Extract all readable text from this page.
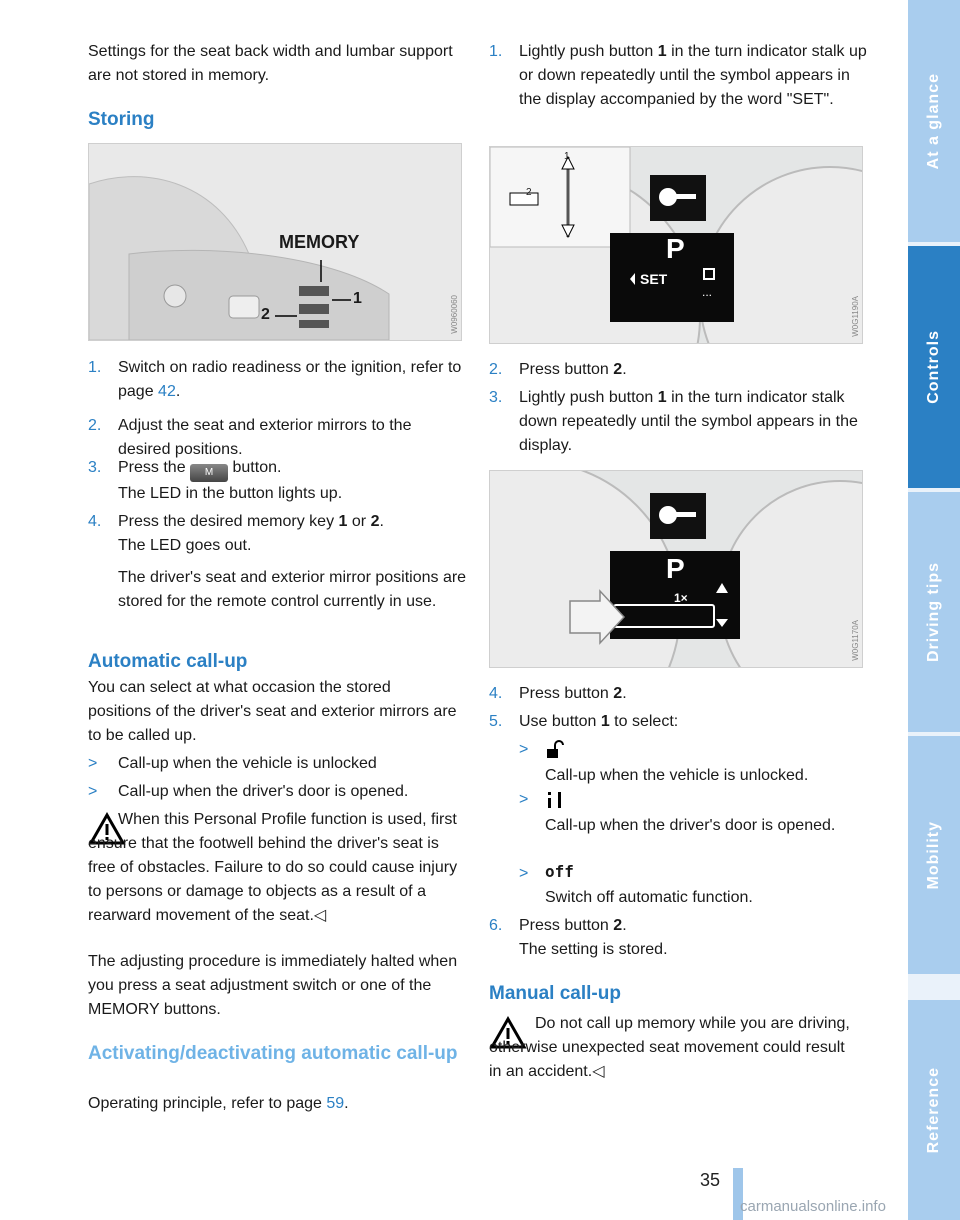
Settings for the seat back width and lumbar support are not stored in memory.

Storing
MEMORY
1
2	W0960060
1. Switch on radio readiness or the ignition, refer to page 42.

2. Adjust the seat and exterior mirrors to the desired positions.

3. Press the M button.
The LED in the button lights up.

4. Press the desired memory key 1 or 2.
The LED goes out.

The driver's seat and exterior mirror positions are stored for the remote control currently in use.

Automatic call-up

You can select at what occasion the stored positions of the driver's seat and exterior mirrors are to be called up.

> Call-up when the vehicle is unlocked

> Call-up when the driver's door is opened.

When this Personal Profile function is used, first ensure that the footwell behind the driver's seat is free of obstacles. Failure to do so could cause injury to persons or damage to objects as a result of a rearward movement of the seat.◁

The adjusting procedure is immediately halted when you press a seat adjustment switch or one of the MEMORY buttons.

Activating/deactivating automatic call-up

Operating principle, refer to page 59.

1. Lightly push button 1 in the turn indicator stalk up or down repeatedly until the symbol appears in the display accompanied by the word "SET".

P
SET
...
1
2
W0G1190A
2. Press button 2.

3. Lightly push button 1 in the turn indicator stalk down repeatedly until the symbol appears in the display.

P
1×
W0G1170A
4. Press button 2.

5. Use button 1 to select:

>

Call-up when the vehicle is unlocked.

>

Call-up when the driver's door is opened.

> off

Switch off automatic function.

6. Press button 2.
The setting is stored.

Manual call-up

Do not call up memory while you are driving, otherwise unexpected seat movement could result in an accident.◁	Reference
Mobility
Driving tips
Controls
At a glance
35
carmanualsonline.info
